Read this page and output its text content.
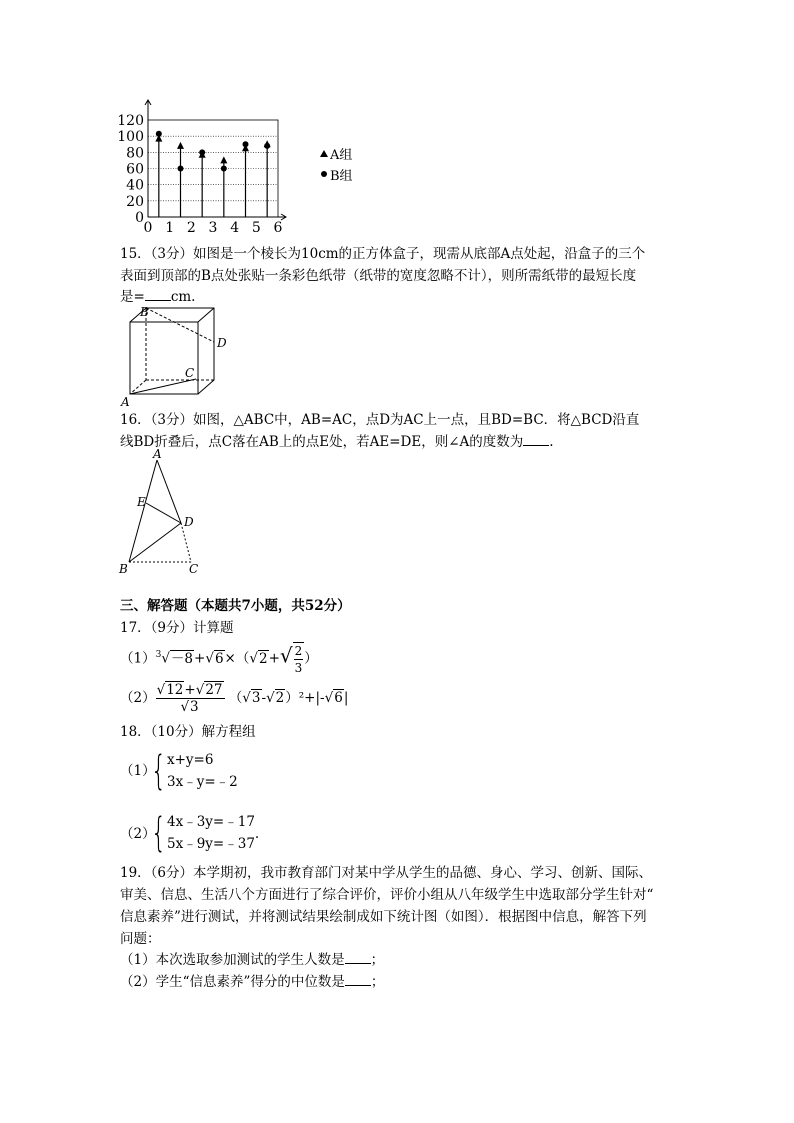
0
20
40
60
80
100
120
0 1 2 3 4 5 6
A组
B组
15．（3分）如图是一个棱长为10cm的正方体盒子，现需从底部A点处起，沿盒子的三个
表面到顶部的B点处张贴一条彩色纸带（纸带的宽度忽略不计），则所需纸带的最短长度
是= cm.
B
D
C
A
16．（3分）如图，△ABC中，AB=AC，点D为AC上一点，且BD=BC．将△BCD沿直
线BD折叠后，点C落在AB上的点E处，若AE=DE，则∠A的度数为 .
A
E
D
B	C
三、解答题（本题共7小题，共52分）
17．（9分）计算题
$(1)^3√-8+√6\times(√2+√ \frac{2}{3}$ ）
$(2) \frac{√12+√27}{√3} (√3-√2)^2+|-√6|$
18．（10分）解方程组
（1）
{ x+y=6
3x﹣y=﹣2
（2）
{ 4x﹣3y=﹣17
5x﹣9y=﹣37.
19．（6分）本学期初，我市教育部门对某中学从学生的品德、身心、学习、创新、国际、
审美、信息、生活八个方面进行了综合评价，评价小组从八年级学生中选取部分学生针对“
信息素养”进行测试，并将测试结果绘制成如下统计图（如图）．根据图中信息，解答下列
问题：
（1）本次选取参加测试的学生人数是 ；
（2）学生“信息素养”得分的中位数是 ；
